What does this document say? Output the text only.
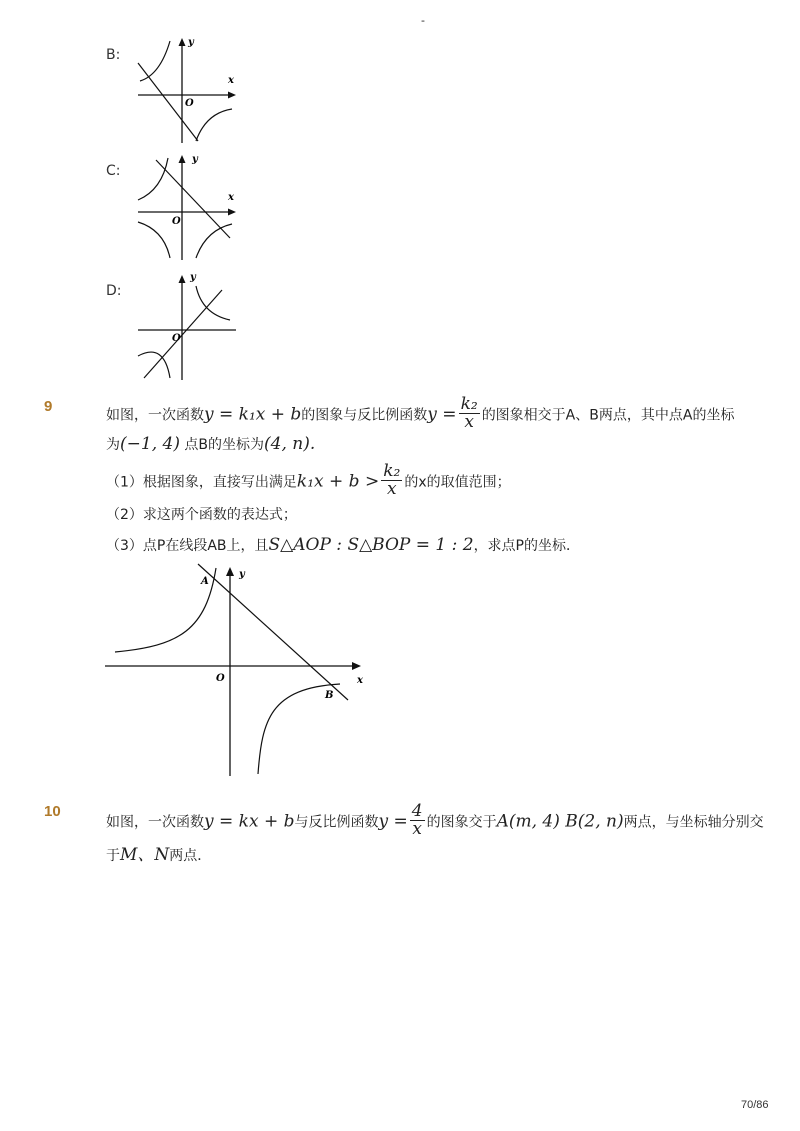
-
B:
y
x
O
C:
y
x
O
D:
y
O
9
如图，一次函数y = k₁x + b的图象与反比例函数$y = \frac{\text{k₂}}{x}$ 的图象相交于A、B两点，其中点A的坐标
为(−1, 4) 点B的坐标为(4, n).
（1）根据图象，直接写出满足$k_1x + b > \frac{\text{k₂}}{x}$ 的x的取值范围；
（2）求这两个函数的表达式；
（3）点P在线段AB上，且S△AOP : S△BOP = 1 : 2，求点P的坐标．
A
B
O	x
y
10
如图，一次函数y = kx + b与反比例函数$y = \frac{4}{x}$ 的图象交于A(m, 4) B(2, n)两点，与坐标轴分别交
于M、N两点．
70/86
